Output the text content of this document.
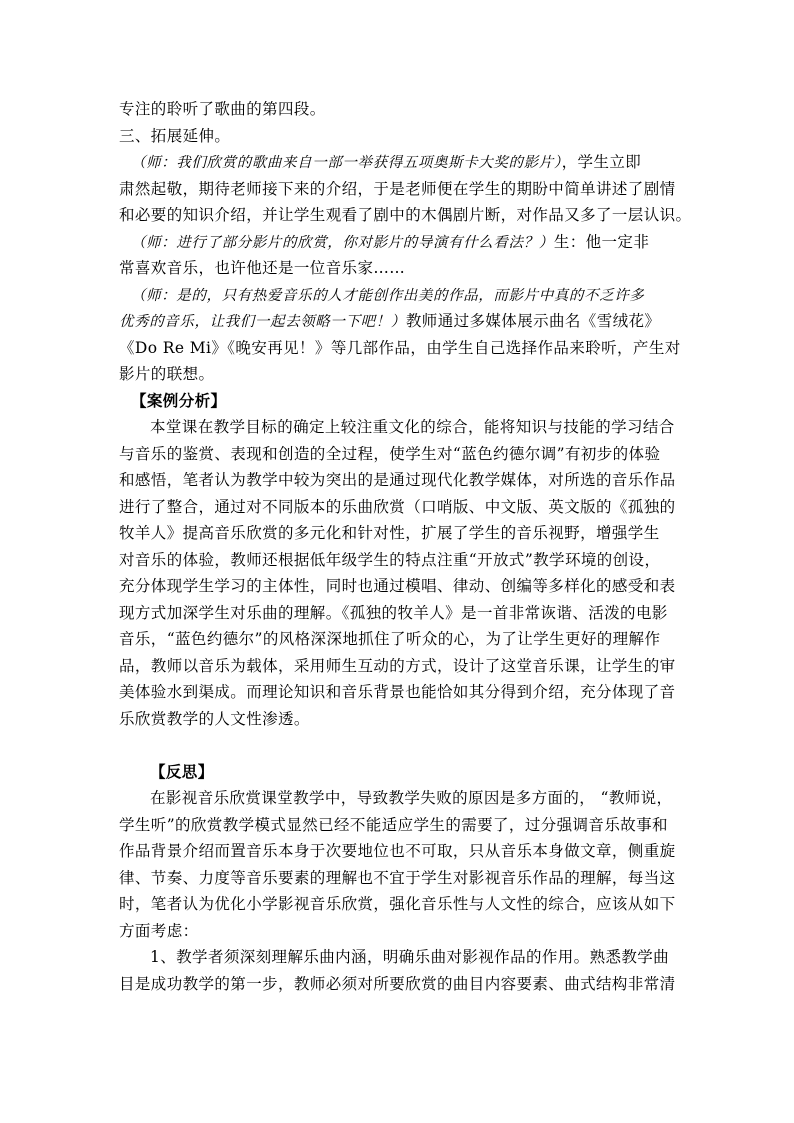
专注的聆听了歌曲的第四段。
三、拓展延伸。
（师：我们欣赏的歌曲来自一部一举获得五项奥斯卡大奖的影片），学生立即
肃然起敬，期待老师接下来的介绍，于是老师便在学生的期盼中简单讲述了剧情
和必要的知识介绍，并让学生观看了剧中的木偶剧片断，对作品又多了一层认识。
（师：进行了部分影片的欣赏，你对影片的导演有什么看法？）生：他一定非
常喜欢音乐，也许他还是一位音乐家……
（师：是的，只有热爱音乐的人才能创作出美的作品，而影片中真的不乏许多
优秀的音乐，让我们一起去领略一下吧！）教师通过多媒体展示曲名《雪绒花》
《Do Re Mi》《晚安再见！》等几部作品，由学生自己选择作品来聆听，产生对
影片的联想。
【案例分析】
本堂课在教学目标的确定上较注重文化的综合，能将知识与技能的学习结合
与音乐的鉴赏、表现和创造的全过程，使学生对“蓝色约德尔调”有初步的体验
和感悟，笔者认为教学中较为突出的是通过现代化教学媒体，对所选的音乐作品
进行了整合，通过对不同版本的乐曲欣赏（口哨版、中文版、英文版的《孤独的
牧羊人》提高音乐欣赏的多元化和针对性，扩展了学生的音乐视野，增强学生
对音乐的体验，教师还根据低年级学生的特点注重“开放式”教学环境的创设，
充分体现学生学习的主体性，同时也通过模唱、律动、创编等多样化的感受和表
现方式加深学生对乐曲的理解。《孤独的牧羊人》是一首非常诙谐、活泼的电影
音乐，“蓝色约德尔”的风格深深地抓住了听众的心，为了让学生更好的理解作
品，教师以音乐为载体，采用师生互动的方式，设计了这堂音乐课，让学生的审
美体验水到渠成。而理论知识和音乐背景也能恰如其分得到介绍，充分体现了音
乐欣赏教学的人文性渗透。
【反思】
在影视音乐欣赏课堂教学中，导致教学失败的原因是多方面的， “教师说，
学生听”的欣赏教学模式显然已经不能适应学生的需要了，过分强调音乐故事和
作品背景介绍而置音乐本身于次要地位也不可取，只从音乐本身做文章，侧重旋
律、节奏、力度等音乐要素的理解也不宜于学生对影视音乐作品的理解，每当这
时，笔者认为优化小学影视音乐欣赏，强化音乐性与人文性的综合，应该从如下
方面考虑：
1、教学者须深刻理解乐曲内涵，明确乐曲对影视作品的作用。熟悉教学曲
目是成功教学的第一步，教师必须对所要欣赏的曲目内容要素、曲式结构非常清
